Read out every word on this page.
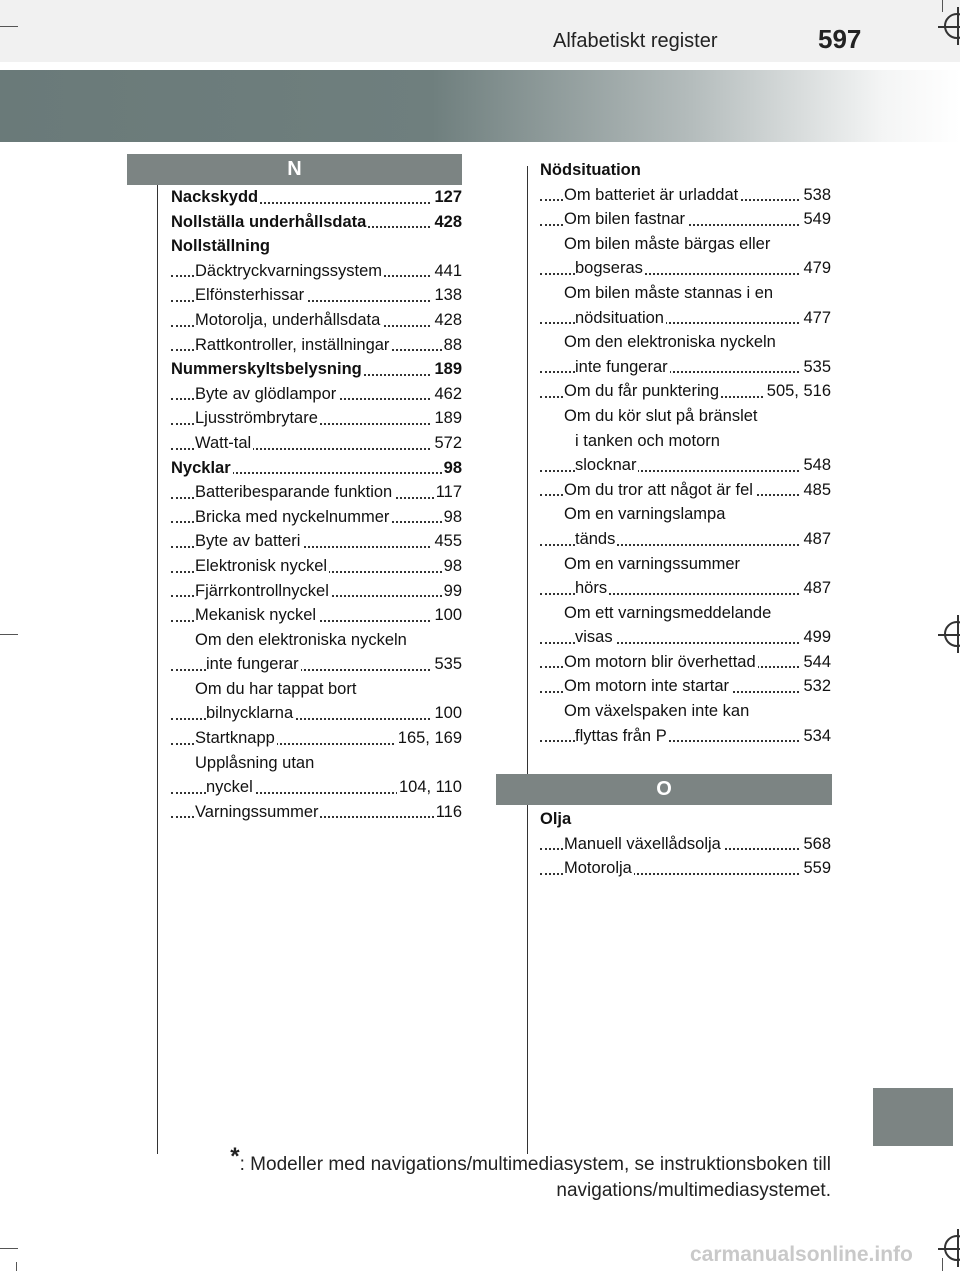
Alfabetiskt register	597
N
O
Nackskydd	127
Nollställa underhållsdata	428
Nollställning
Däcktryckvarningssystem	441
Elfönsterhissar	138
Motorolja, underhållsdata	428
Rattkontroller, inställningar	88
Nummerskyltsbelysning	189
Byte av glödlampor	462
Ljusströmbrytare	189
Watt-tal	572
Nycklar	98
Batteribesparande funktion	117
Bricka med nyckelnummer	98
Byte av batteri	455
Elektronisk nyckel	98
Fjärrkontrollnyckel	99
Mekanisk nyckel	100
Om den elektroniska nyckeln
inte fungerar	535
Om du har tappat bort
bilnycklarna	100
Startknapp	165, 169
Upplåsning utan
nyckel	104, 110
Varningssummer	116
Nödsituation
Om batteriet är urladdat	538
Om bilen fastnar	549
Om bilen måste bärgas eller
bogseras	479
Om bilen måste stannas i en
nödsituation	477
Om den elektroniska nyckeln
inte fungerar	535
Om du får punktering	505, 516
Om du kör slut på bränslet
i tanken och motorn
slocknar	548
Om du tror att något är fel	485
Om en varningslampa
tänds	487
Om en varningssummer
hörs	487
Om ett varningsmeddelande
visas	499
Om motorn blir överhettad	544
Om motorn inte startar	532
Om växelspaken inte kan
flyttas från P	534
Olja
Manuell växellådsolja	568
Motorolja	559
*: Modeller med navigations/multimediasystem, se instruktionsboken till
navigations/multimediasystemet.
carmanualsonline.info
